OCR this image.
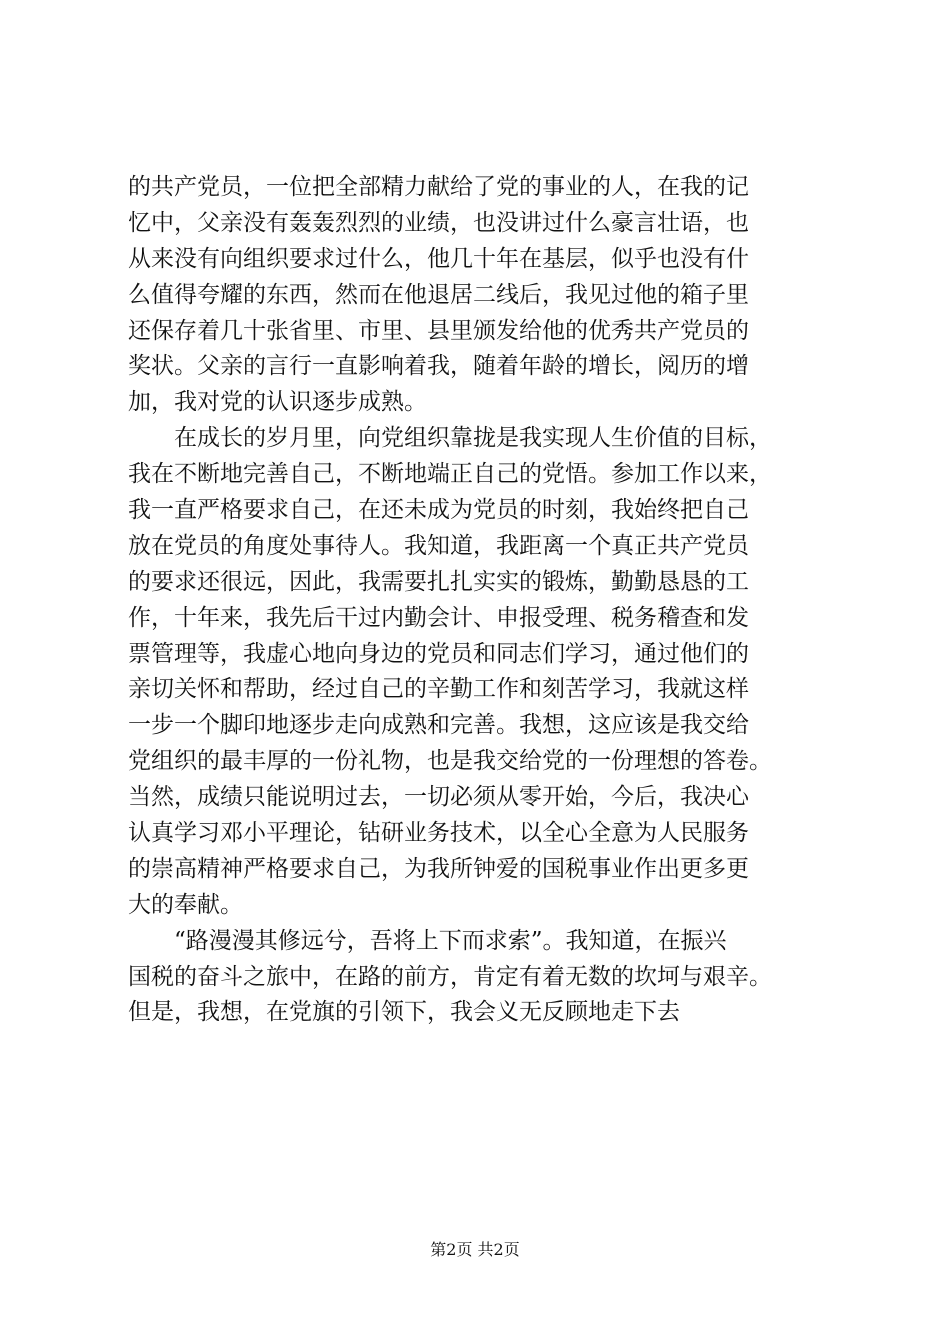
的共产党员，一位把全部精力献给了党的事业的人，在我的记
忆中，父亲没有轰轰烈烈的业绩，也没讲过什么豪言壮语，也
从来没有向组织要求过什么，他几十年在基层，似乎也没有什
么值得夸耀的东西，然而在他退居二线后，我见过他的箱子里
还保存着几十张省里、市里、县里颁发给他的优秀共产党员的
奖状。父亲的言行一直影响着我，随着年龄的增长，阅历的增
加，我对党的认识逐步成熟。
　　在成长的岁月里，向党组织靠拢是我实现人生价值的目标，
我在不断地完善自己，不断地端正自己的党悟。参加工作以来，
我一直严格要求自己，在还未成为党员的时刻，我始终把自己
放在党员的角度处事待人。我知道，我距离一个真正共产党员
的要求还很远，因此，我需要扎扎实实的锻炼，勤勤恳恳的工
作，十年来，我先后干过内勤会计、申报受理、税务稽查和发
票管理等，我虚心地向身边的党员和同志们学习，通过他们的
亲切关怀和帮助，经过自己的辛勤工作和刻苦学习，我就这样
一步一个脚印地逐步走向成熟和完善。我想，这应该是我交给
党组织的最丰厚的一份礼物，也是我交给党的一份理想的答卷。
当然，成绩只能说明过去，一切必须从零开始，今后，我决心
认真学习邓小平理论，钻研业务技术，以全心全意为人民服务
的崇高精神严格要求自己，为我所钟爱的国税事业作出更多更
大的奉献。
　　“路漫漫其修远兮，吾将上下而求索”。我知道，在振兴
国税的奋斗之旅中，在路的前方，肯定有着无数的坎坷与艰辛。
但是，我想，在党旗的引领下，我会义无反顾地走下去
第2页 共2页
